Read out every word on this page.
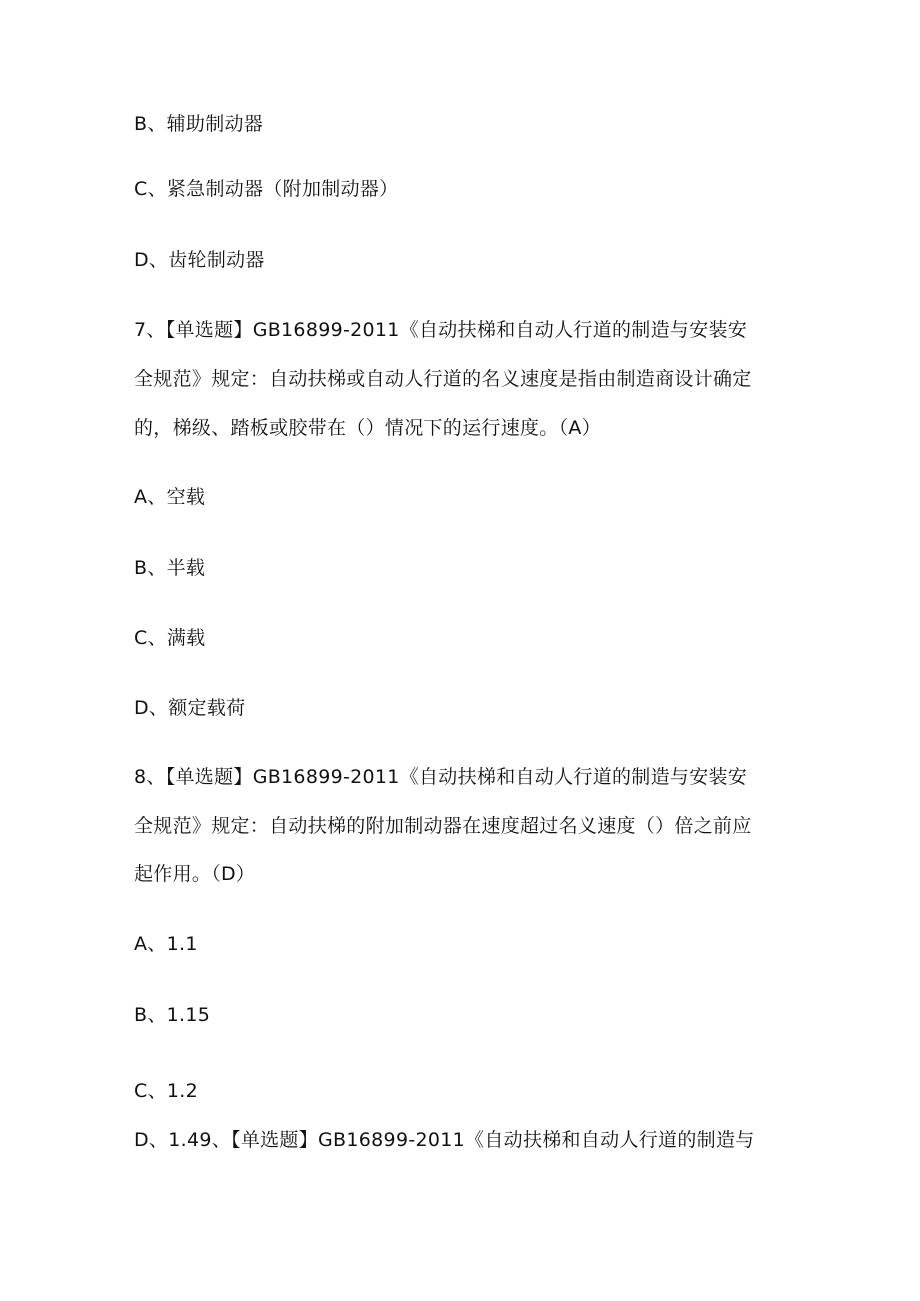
B、辅助制动器
C、紧急制动器（附加制动器）
D、齿轮制动器
7、【单选题】GB16899-2011《自动扶梯和自动人行道的制造与安装安
全规范》规定：自动扶梯或自动人行道的名义速度是指由制造商设计确定
的，梯级、踏板或胶带在（）情况下的运行速度。（A）
A、空载
B、半载
C、满载
D、额定载荷
8、【单选题】GB16899-2011《自动扶梯和自动人行道的制造与安装安
全规范》规定：自动扶梯的附加制动器在速度超过名义速度（）倍之前应
起作用。（D）
A、1.1
B、1.15
C、1.2
D、1.49、【单选题】GB16899-2011《自动扶梯和自动人行道的制造与
